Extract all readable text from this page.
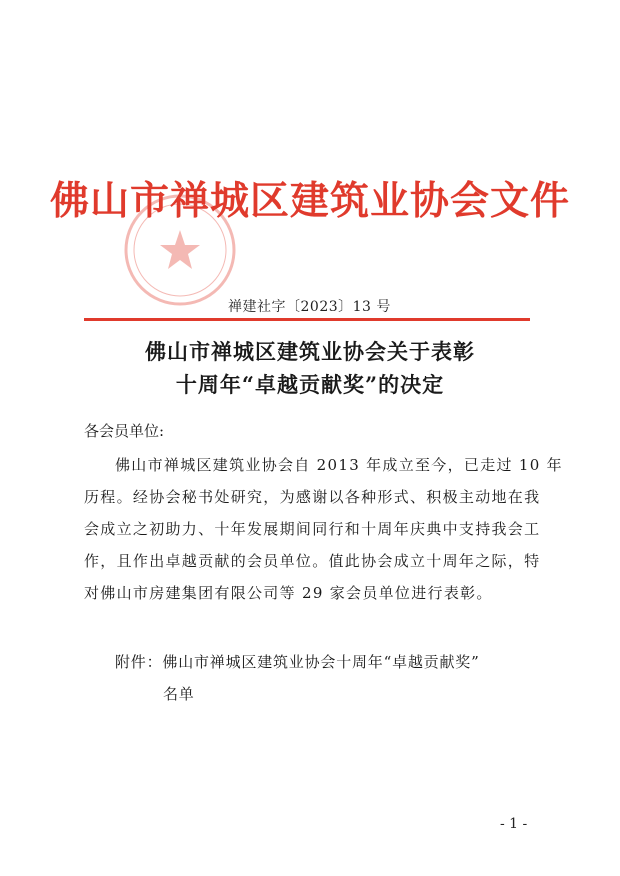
佛山市禅城区建筑业协会文件
禅建社字〔2023〕13 号
佛山市禅城区建筑业协会关于表彰
十周年“卓越贡献奖”的决定
各会员单位:
佛山市禅城区建筑业协会自 2013 年成立至今，已走过 10 年
历程。经协会秘书处研究，为感谢以各种形式、积极主动地在我
会成立之初助力、十年发展期间同行和十周年庆典中支持我会工
作，且作出卓越贡献的会员单位。值此协会成立十周年之际，特
对佛山市房建集团有限公司等 29 家会员单位进行表彰。
附件：佛山市禅城区建筑业协会十周年“卓越贡献奖”
名单
- 1 -
